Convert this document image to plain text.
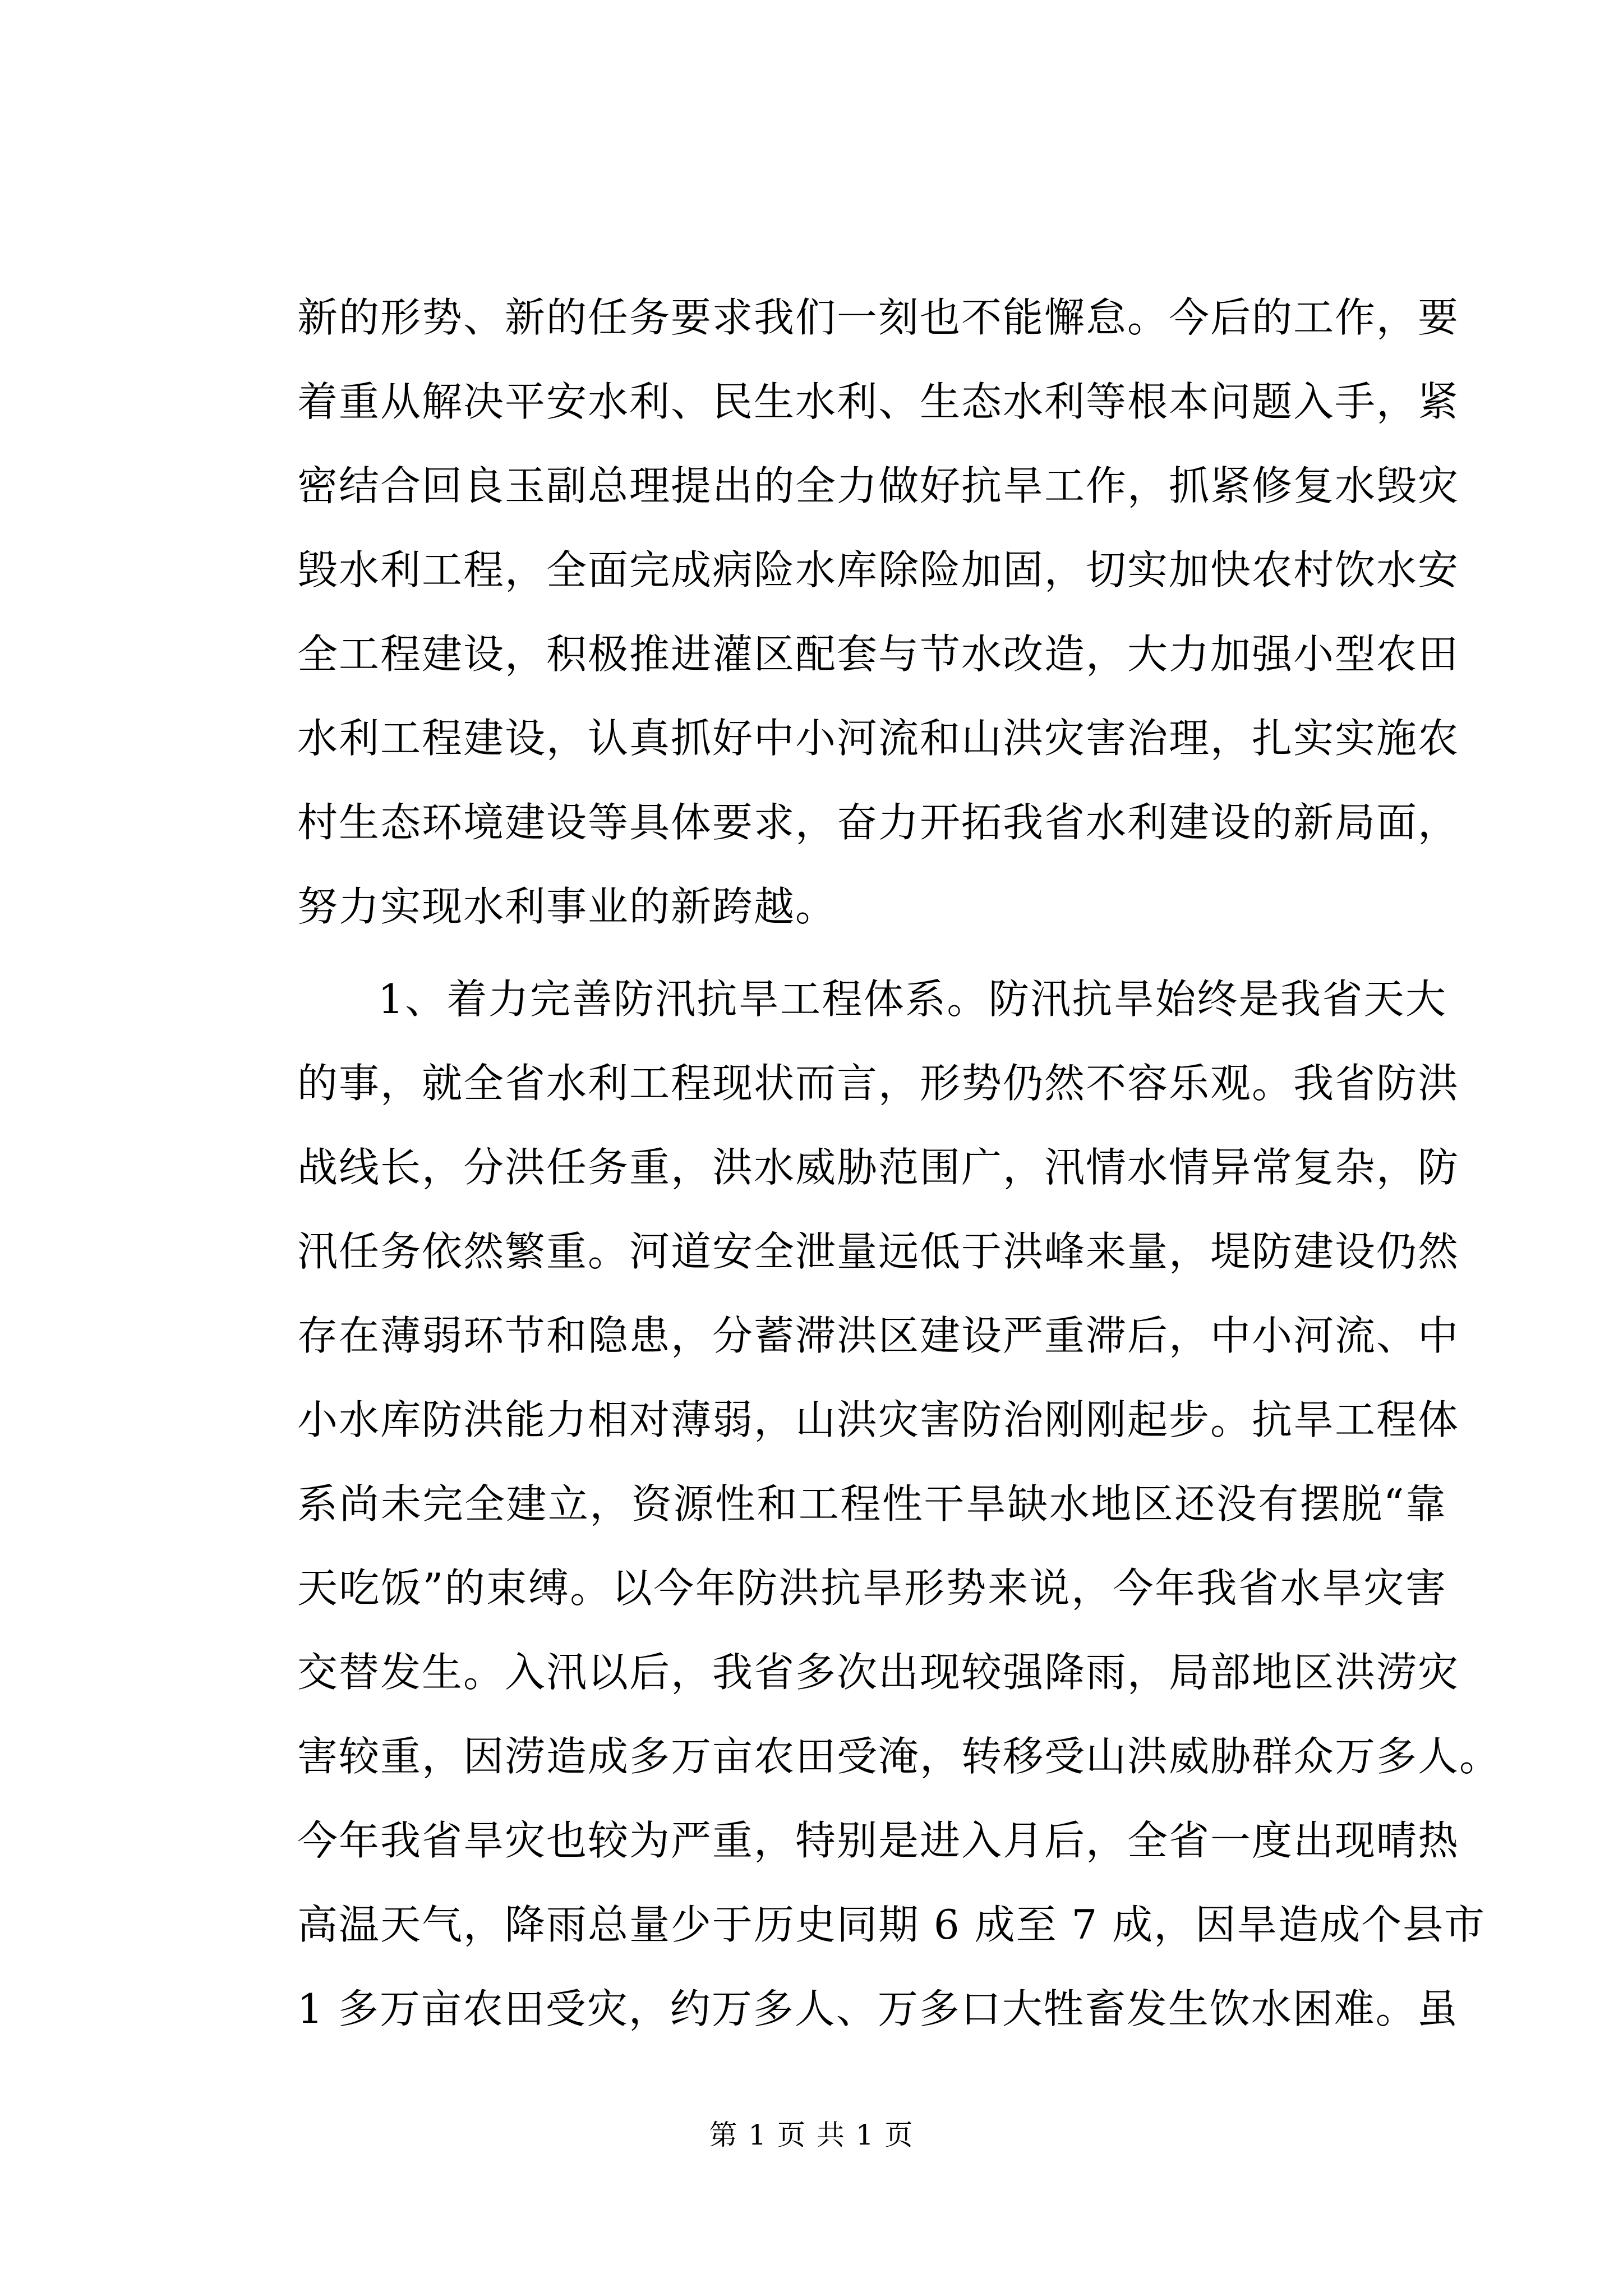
新的形势、新的任务要求我们一刻也不能懈怠。今后的工作，要
着重从解决平安水利、民生水利、生态水利等根本问题入手，紧
密结合回良玉副总理提出的全力做好抗旱工作，抓紧修复水毁灾
毁水利工程，全面完成病险水库除险加固，切实加快农村饮水安
全工程建设，积极推进灌区配套与节水改造，大力加强小型农田
水利工程建设，认真抓好中小河流和山洪灾害治理，扎实实施农
村生态环境建设等具体要求，奋力开拓我省水利建设的新局面，
努力实现水利事业的新跨越。
1、着力完善防汛抗旱工程体系。防汛抗旱始终是我省天大
的事，就全省水利工程现状而言，形势仍然不容乐观。我省防洪
战线长，分洪任务重，洪水威胁范围广，汛情水情异常复杂，防
汛任务依然繁重。河道安全泄量远低于洪峰来量，堤防建设仍然
存在薄弱环节和隐患，分蓄滞洪区建设严重滞后，中小河流、中
小水库防洪能力相对薄弱，山洪灾害防治刚刚起步。抗旱工程体
系尚未完全建立，资源性和工程性干旱缺水地区还没有摆脱“靠
天吃饭”的束缚。以今年防洪抗旱形势来说，今年我省水旱灾害
交替发生。入汛以后，我省多次出现较强降雨，局部地区洪涝灾
害较重，因涝造成多万亩农田受淹，转移受山洪威胁群众万多人。
今年我省旱灾也较为严重，特别是进入月后，全省一度出现晴热
高温天气，降雨总量少于历史同期 6 成至 7 成，因旱造成个县市
1 多万亩农田受灾，约万多人、万多口大牲畜发生饮水困难。虽
第 1 页 共 1 页
